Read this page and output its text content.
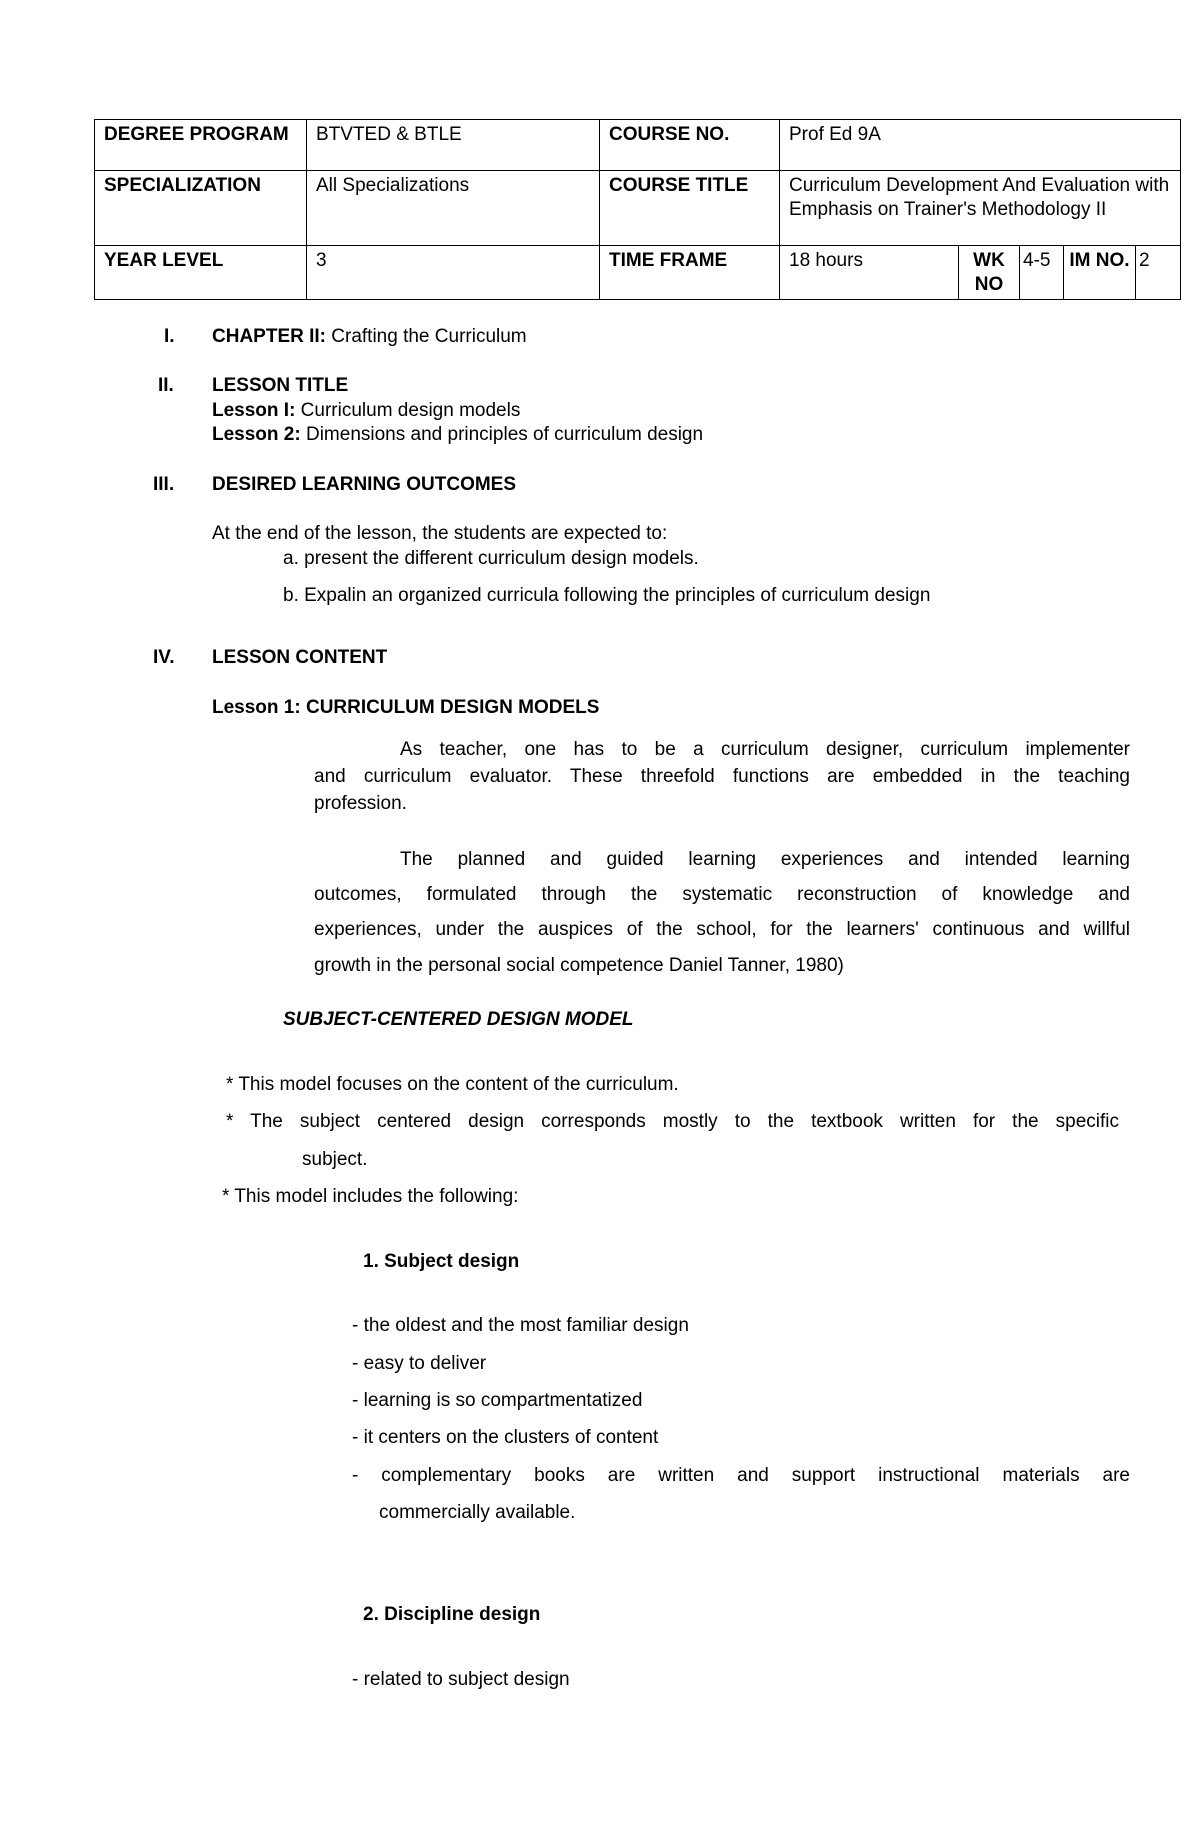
DEGREE PROGRAM	BTVTED & BTLE	COURSE NO.	Prof Ed 9A				
SPECIALIZATION	All Specializations	COURSE TITLE	Curriculum Development And Evaluation with Emphasis on Trainer's Methodology II				
YEAR LEVEL	3	TIME FRAME	18 hours	WK NO	4-5	IM NO.	2
I. CHAPTER II: Crafting the Curriculum
II. LESSON TITLE
Lesson I: Curriculum design models
Lesson 2: Dimensions and principles of curriculum design
III. DESIRED LEARNING OUTCOMES
At the end of the lesson, the students are expected to:
a. present the different curriculum design models.
b. Expalin an organized curricula following the principles of curriculum design
IV. LESSON CONTENT
Lesson 1: CURRICULUM DESIGN MODELS
As teacher, one has to be a curriculum designer, curriculum implementer
and curriculum evaluator. These threefold functions are embedded in the teaching
profession.
The planned and guided learning experiences and intended learning
outcomes, formulated through the systematic reconstruction of knowledge and
experiences, under the auspices of the school, for the learners' continuous and willful
growth in the personal social competence Daniel Tanner, 1980)
SUBJECT-CENTERED DESIGN MODEL
* This model focuses on the content of the curriculum.
* The subject centered design corresponds mostly to the textbook written for the specific
subject.
* This model includes the following:
1. Subject design
- the oldest and the most familiar design
- easy to deliver
- learning is so compartmentatized
- it centers on the clusters of content
- complementary books are written and support instructional materials are
commercially available.
2. Discipline design
- related to subject design
